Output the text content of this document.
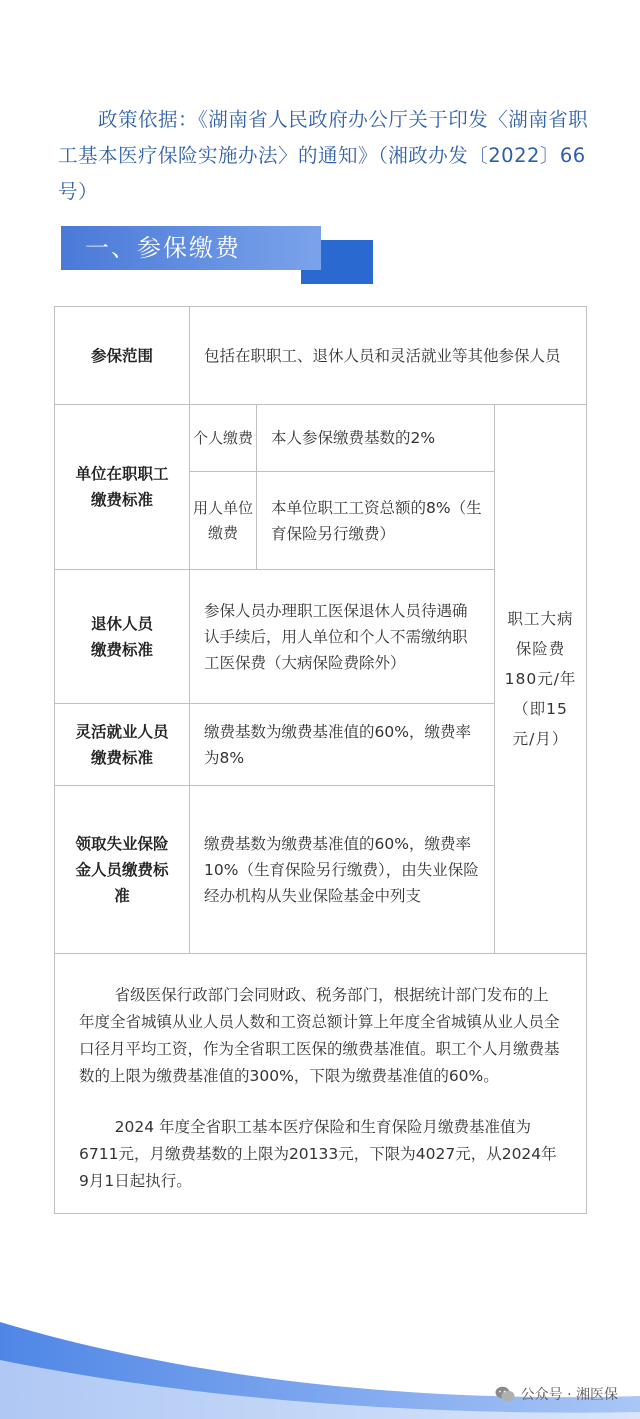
政策依据：《湖南省人民政府办公厅关于印发〈湖南省职工基本医疗保险实施办法〉的通知》（湘政办发〔2022〕66号）
一、参保缴费
参保范围	包括在职职工、退休人员和灵活就业等其他参保人员		
单位在职职工缴费标准	个人缴费	本人参保缴费基数的2%	职工大病保险费180元/年（即15元/月）
	用人单位缴费	本单位职工工资总额的8%（生育保险另行缴费）	
退休人员缴费标准	参保人员办理职工医保退休人员待遇确认手续后，用人单位和个人不需缴纳职工医保费（大病保险费除外）		
灵活就业人员缴费标准	缴费基数为缴费基准值的60%，缴费率为8%		
领取失业保险金人员缴费标准	缴费基数为缴费基准值的60%，缴费率10%（生育保险另行缴费），由失业保险经办机构从失业保险基金中列支		

省级医保行政部门会同财政、税务部门，根据统计部门发布的上年度全省城镇从业人员人数和工资总额计算上年度全省城镇从业人员全口径月平均工资，作为全省职工医保的缴费基准值。职工个人月缴费基数的上限为缴费基准值的300%，下限为缴费基准值的60%。

2024 年度全省职工基本医疗保险和生育保险月缴费基准值为6711元，月缴费基数的上限为20133元，下限为4027元，从2024年9月1日起执行。			

公众号 · 湘医保
